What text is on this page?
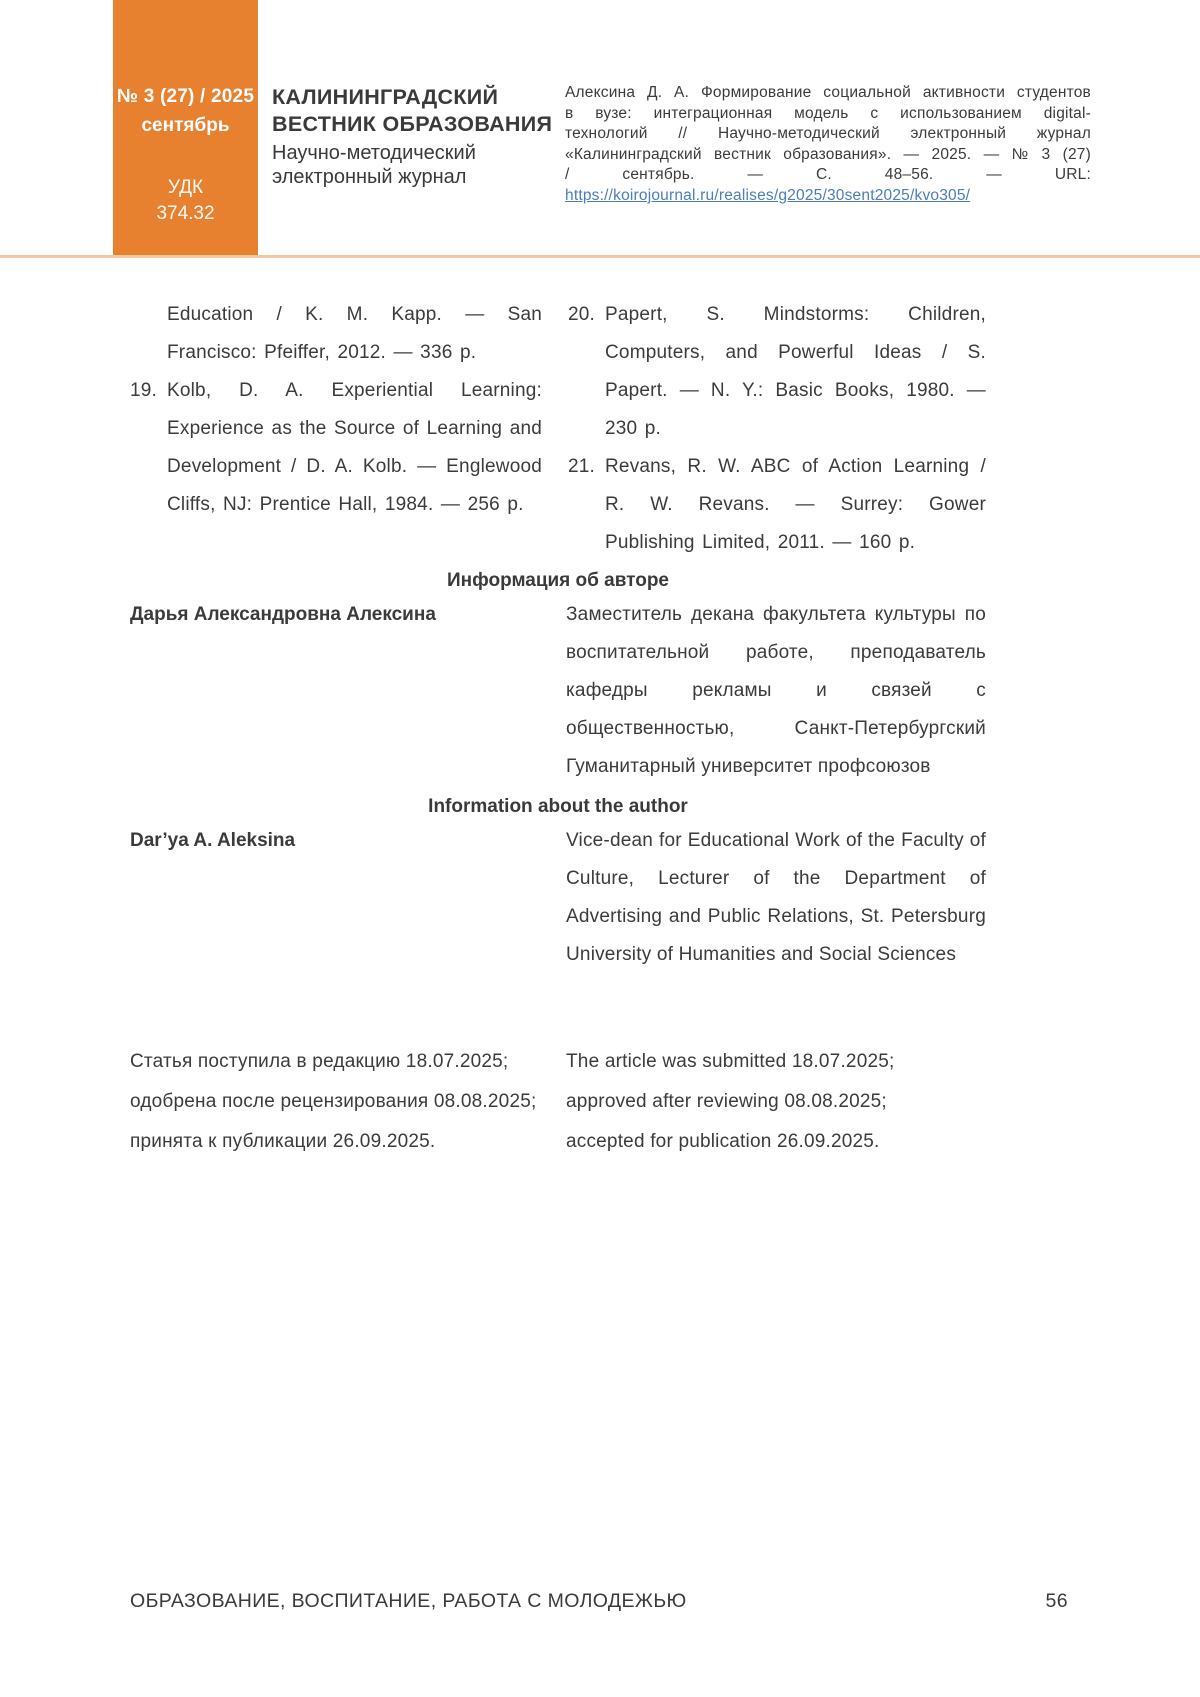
№ 3 (27) / 2025
сентябрь
УДК
374.32
КАЛИНИНГРАДСКИЙ
ВЕСТНИК ОБРАЗОВАНИЯ
Научно-методический
электронный журнал
Алексина Д. А. Формирование социальной активности студентов в вузе: интеграционная модель с использованием digital-технологий // Научно-методический электронный журнал «Калининградский вестник образования». — 2025. — № 3 (27) / сентябрь. — С. 48–56. — URL: https://koirojournal.ru/realises/g2025/30sent2025/kvo305/
Education / K. M. Kapp. — San Francisco: Pfeiffer, 2012. — 336 p.
19. Kolb, D. A. Experiential Learning: Experience as the Source of Learning and Development / D. A. Kolb. — Englewood Cliffs, NJ: Prentice Hall, 1984. — 256 p.
20. Papert, S. Mindstorms: Children, Computers, and Powerful Ideas / S. Papert. — N. Y.: Basic Books, 1980. — 230 p.
21. Revans, R. W. ABC of Action Learning / R. W. Revans. — Surrey: Gower Publishing Limited, 2011. — 160 p.
Информация об авторе
Дарья Александровна Алексина	Заместитель декана факультета культуры по воспитательной работе, преподаватель кафедры рекламы и связей с общественностью, Санкт-Петербургский Гуманитарный университет профсоюзов
Information about the author
Dar’ya A. Aleksina	Vice-dean for Educational Work of the Faculty of Culture, Lecturer of the Department of Advertising and Public Relations, St. Petersburg University of Humanities and Social Sciences
Статья поступила в редакцию 18.07.2025;
одобрена после рецензирования 08.08.2025;
принята к публикации 26.09.2025.
The article was submitted 18.07.2025;
approved after reviewing 08.08.2025;
accepted for publication 26.09.2025.
ОБРАЗОВАНИЕ, ВОСПИТАНИЕ, РАБОТА С МОЛОДЕЖЬЮ	56
